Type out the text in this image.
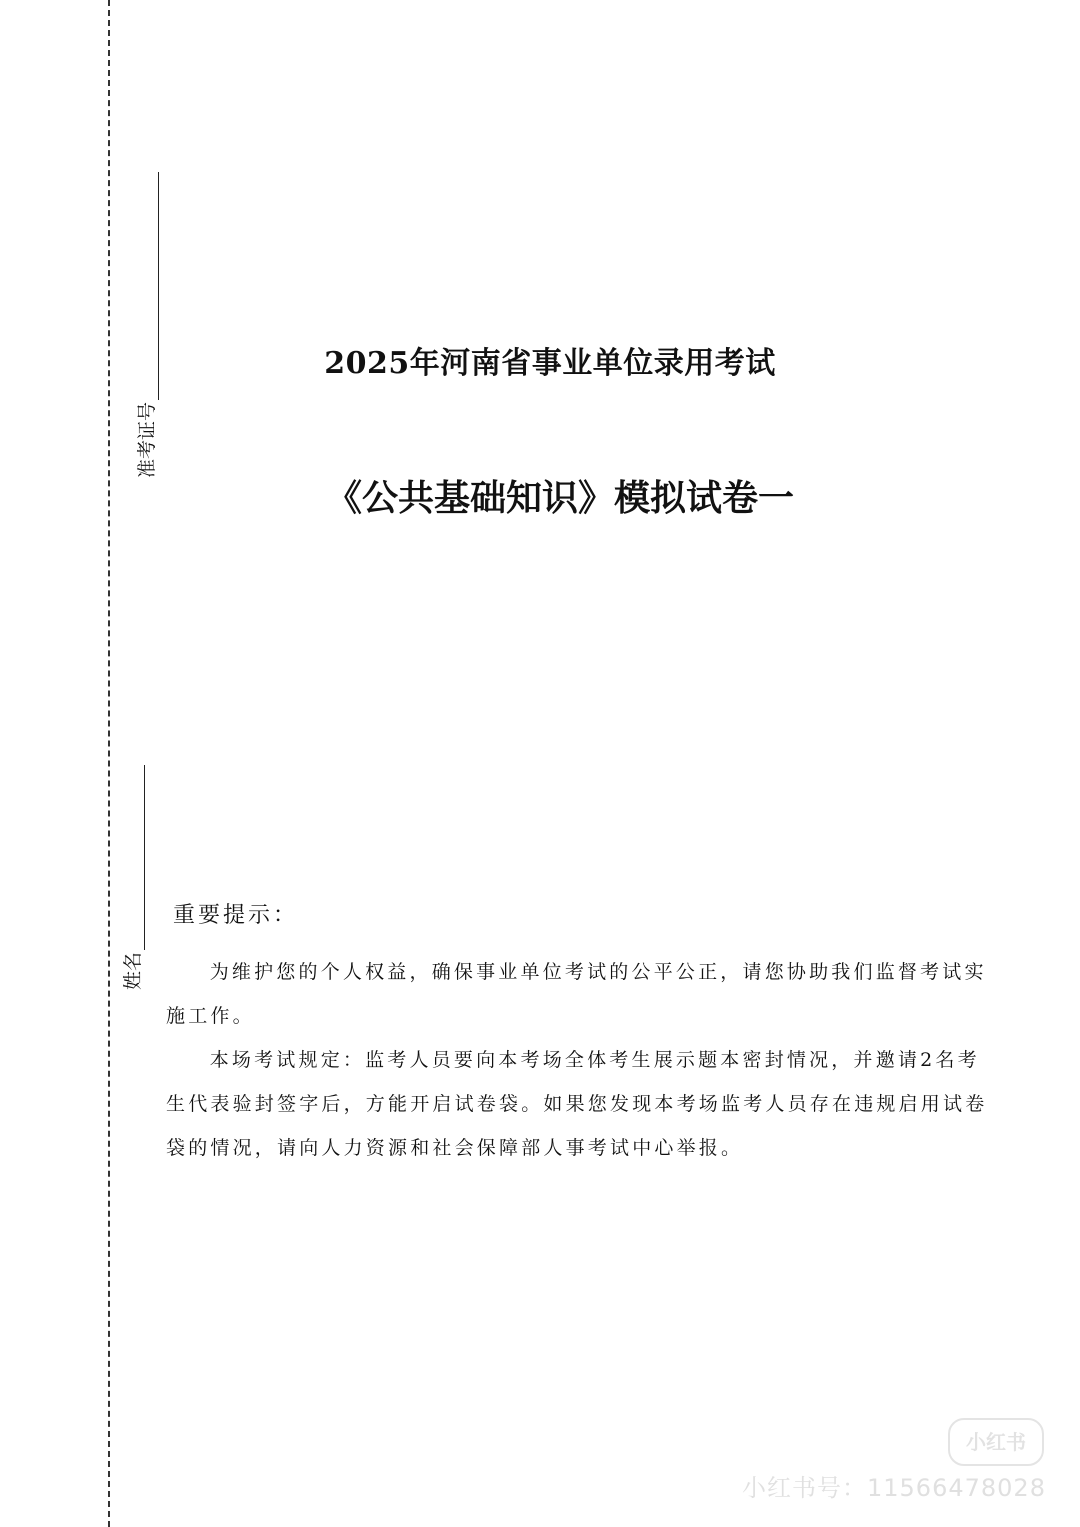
准考证号
姓名
2025年河南省事业单位录用考试
《公共基础知识》模拟试卷一
重要提示：

为维护您的个人权益，确保事业单位考试的公平公正，请您协助我们监督考试实施工作。

本场考试规定：监考人员要向本考场全体考生展示题本密封情况，并邀请2名考生代表验封签字后，方能开启试卷袋。如果您发现本考场监考人员存在违规启用试卷袋的情况，请向人力资源和社会保障部人事考试中心举报。

小红书
小红书号：11566478028
